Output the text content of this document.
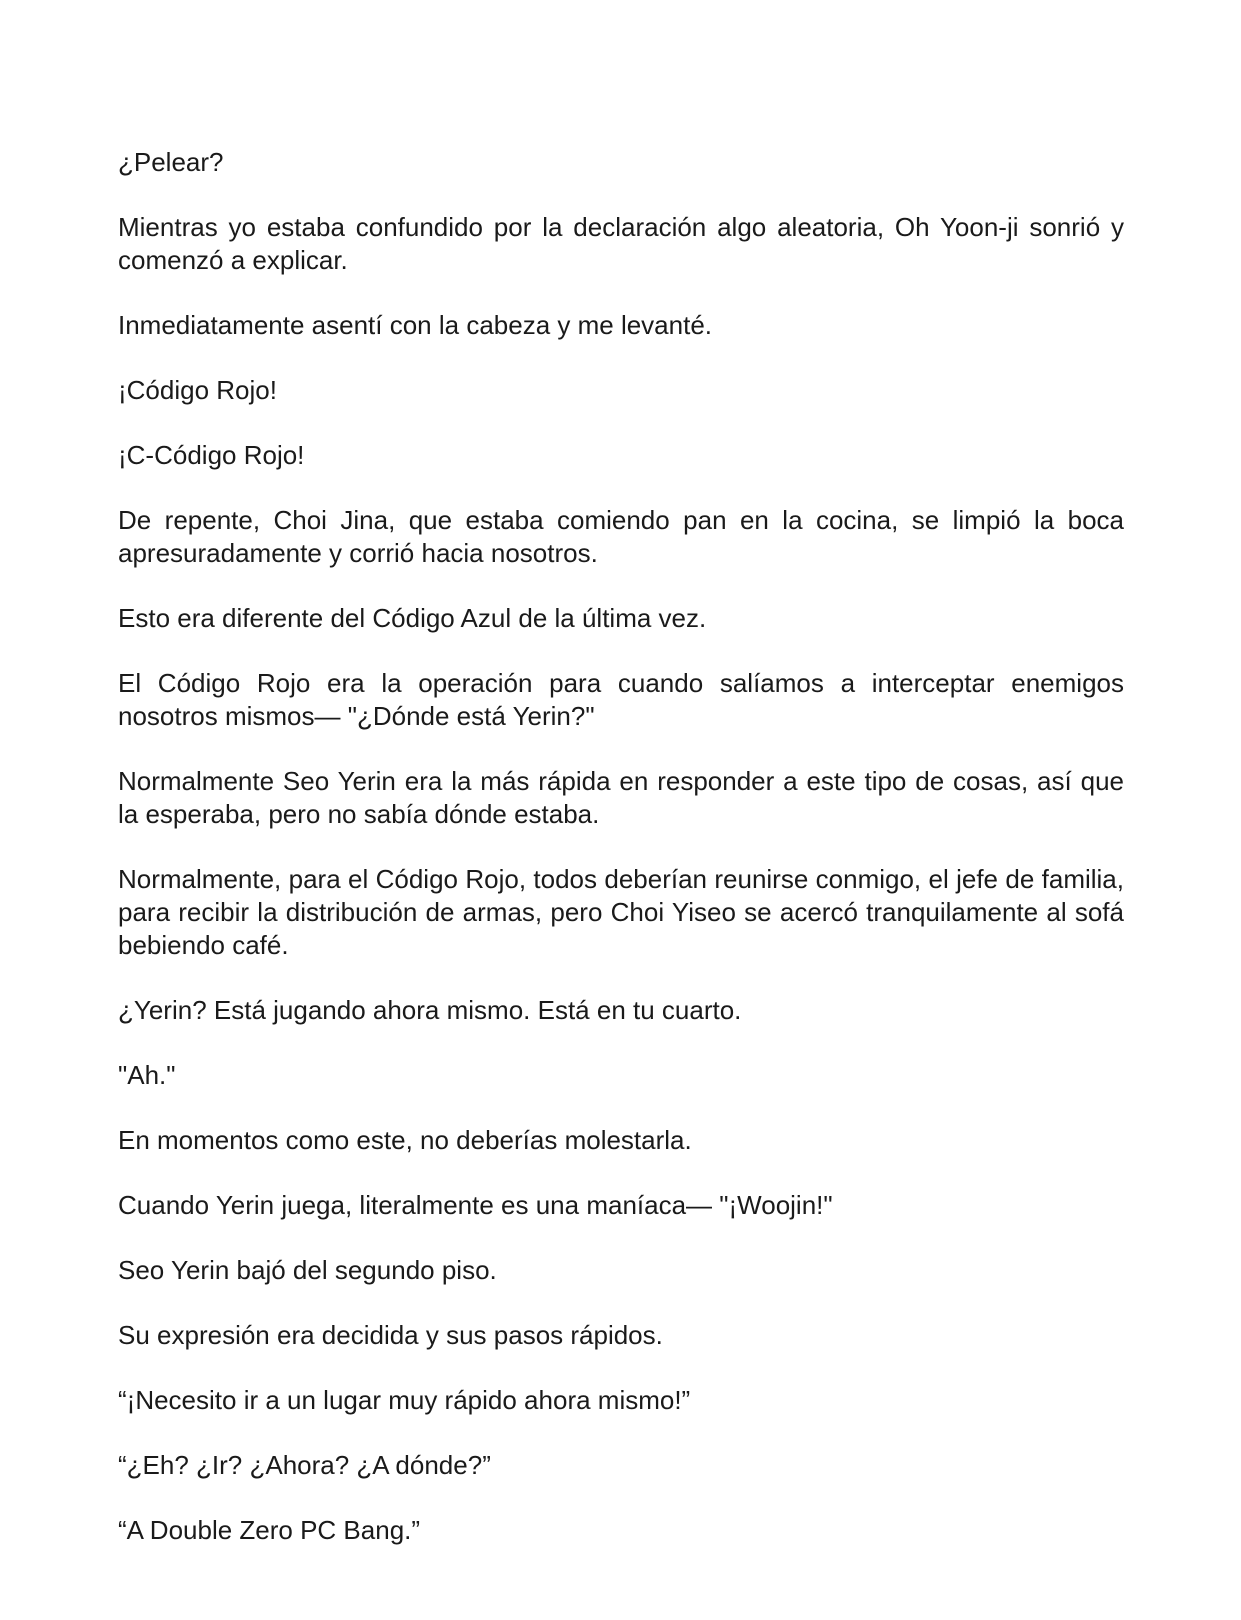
¿Pelear?

Mientras yo estaba confundido por la declaración algo aleatoria, Oh Yoon-ji sonrió y comenzó a explicar.

Inmediatamente asentí con la cabeza y me levanté.

¡Código Rojo!

¡C-Código Rojo!

De repente, Choi Jina, que estaba comiendo pan en la cocina, se limpió la boca apresuradamente y corrió hacia nosotros.

Esto era diferente del Código Azul de la última vez.

El Código Rojo era la operación para cuando salíamos a interceptar enemigos nosotros mismos— "¿Dónde está Yerin?"

Normalmente Seo Yerin era la más rápida en responder a este tipo de cosas, así que la esperaba, pero no sabía dónde estaba.

Normalmente, para el Código Rojo, todos deberían reunirse conmigo, el jefe de familia, para recibir la distribución de armas, pero Choi Yiseo se acercó tranquilamente al sofá bebiendo café.

¿Yerin? Está jugando ahora mismo. Está en tu cuarto.

"Ah."

En momentos como este, no deberías molestarla.

Cuando Yerin juega, literalmente es una maníaca— "¡Woojin!"

Seo Yerin bajó del segundo piso.

Su expresión era decidida y sus pasos rápidos.

“¡Necesito ir a un lugar muy rápido ahora mismo!”

“¿Eh? ¿Ir? ¿Ahora? ¿A dónde?”

“A Double Zero PC Bang.”
